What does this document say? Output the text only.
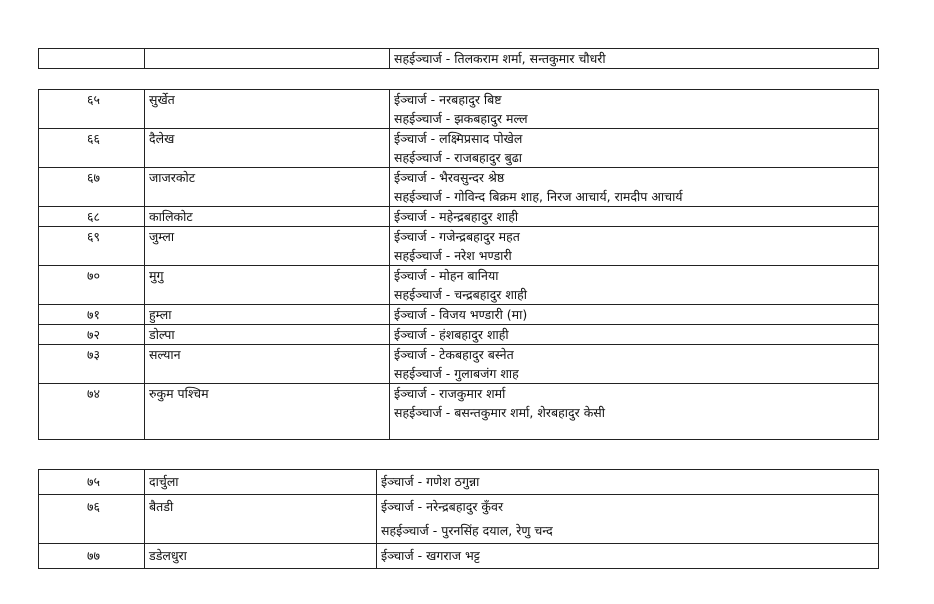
सहईञ्चार्ज - तिलकराम शर्मा, सन्तकुमार चौधरी
६५	सुर्खेत	ईञ्चार्ज - नरबहादुर बिष्ट
सहईञ्चार्ज - झकबहादुर मल्ल

६६	दैलेख	ईञ्चार्ज - लक्ष्मिप्रसाद पोखेल
सहईञ्चार्ज - राजबहादुर बुढा

६७	जाजरकोट	ईञ्चार्ज - भैरवसुन्दर श्रेष्ठ
सहईञ्चार्ज - गोविन्द बिक्रम शाह, निरज आचार्य, रामदीप आचार्य

६८	कालिकोट	ईञ्चार्ज - महेन्द्रबहादुर शाही

६९	जुम्ला	ईञ्चार्ज - गजेन्द्रबहादुर महत
सहईञ्चार्ज - नरेश भण्डारी

७०	मुगु	ईञ्चार्ज - मोहन बानिया
सहईञ्चार्ज - चन्द्रबहादुर शाही

७१	हुम्ला	ईञ्चार्ज - विजय भण्डारी (मा)

७२	डोल्पा	ईञ्चार्ज - हंशबहादुर शाही

७३	सल्यान	ईञ्चार्ज - टेकबहादुर बस्नेत
सहईञ्चार्ज - गुलाबजंग शाह

७४	रुकुम पश्चिम	ईञ्चार्ज - राजकुमार शर्मा
सहईञ्चार्ज - बसन्तकुमार शर्मा, शेरबहादुर केसी
७५	दार्चुला	ईञ्चार्ज - गणेश ठगुन्ना

७६	बैतडी	ईञ्चार्ज - नरेन्द्रबहादुर कुँवर
सहईञ्चार्ज - पुरनसिंह दयाल, रेणु चन्द

७७	डडेलधुरा	ईञ्चार्ज - खगराज भट्ट
